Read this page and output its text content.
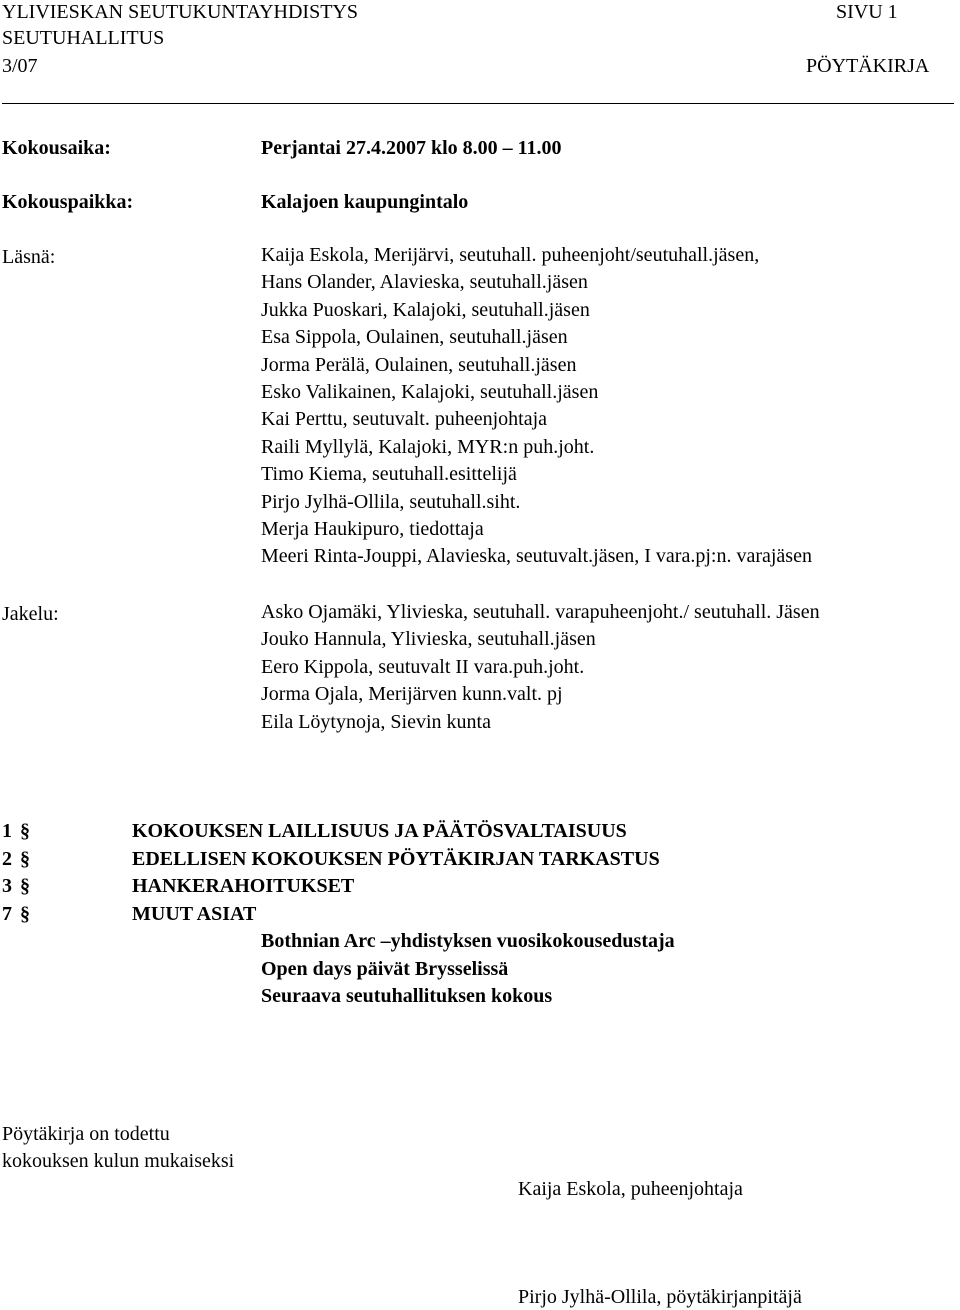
YLIVIESKAN SEUTUKUNTAYHDISTYS	SIVU 1
SEUTUHALLITUS
3/07	PÖYTÄKIRJA
Kokousaika:	Perjantai 27.4.2007 klo 8.00 – 11.00
Kokouspaikka:	Kalajoen kaupungintalo
Läsnä:	Kaija Eskola, Merijärvi, seutuhall. puheenjoht/seutuhall.jäsen,
Hans Olander, Alavieska, seutuhall.jäsen
Jukka Puoskari, Kalajoki, seutuhall.jäsen
Esa Sippola, Oulainen, seutuhall.jäsen
Jorma Perälä, Oulainen, seutuhall.jäsen
Esko Valikainen, Kalajoki, seutuhall.jäsen
Kai Perttu, seutuvalt. puheenjohtaja
Raili Myllylä, Kalajoki, MYR:n puh.joht.
Timo Kiema, seutuhall.esittelijä
Pirjo Jylhä-Ollila, seutuhall.siht.
Merja Haukipuro, tiedottaja
Meeri Rinta-Jouppi, Alavieska, seutuvalt.jäsen, I vara.pj:n. varajäsen
Jakelu:	Asko Ojamäki, Ylivieska, seutuhall. varapuheenjoht./ seutuhall. Jäsen
Jouko Hannula, Ylivieska, seutuhall.jäsen
Eero Kippola, seutuvalt II vara.puh.joht.
Jorma Ojala, Merijärven kunn.valt. pj
Eila Löytynoja, Sievin kunta
1 §	KOKOUKSEN LAILLISUUS JA PÄÄTÖSVALTAISUUS
2 §	EDELLISEN KOKOUKSEN PÖYTÄKIRJAN TARKASTUS
3 §	HANKERAHOITUKSET
7 §	MUUT ASIAT
Bothnian Arc –yhdistyksen vuosikokousedustaja
Open days päivät Brysselissä
Seuraava seutuhallituksen kokous
Pöytäkirja on todettu
kokouksen kulun mukaiseksi
Kaija Eskola, puheenjohtaja
Pirjo Jylhä-Ollila, pöytäkirjanpitäjä
